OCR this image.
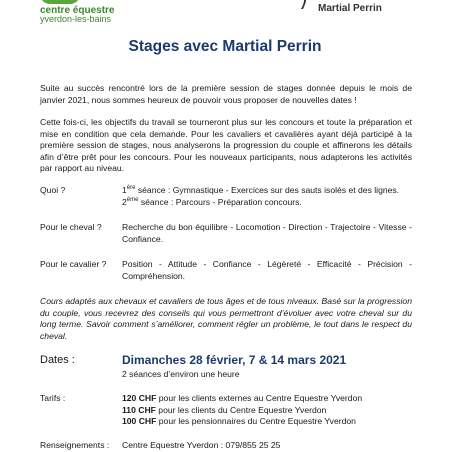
centre équestre
yverdon-les-bains
Martial Perrin
Stages avec Martial Perrin

Suite au succès rencontré lors de la première session de stages donnée depuis le mois de janvier 2021, nous sommes heureux de pouvoir vous proposer de nouvelles dates !

Cette fois-ci, les objectifs du travail se tourneront plus sur les concours et toute la préparation et mise en condition que cela demande. Pour les cavaliers et cavalières ayant déjà participé à la première session de stages, nous analyserons la progression du couple et affinerons les détails afin d’être prêt pour les concours. Pour les nouveaux participants, nous adapterons les activités par rapport au niveau.

Quoi ?	1ère séance : Gymnastique - Exercices sur des sauts isolés et des lignes.
2ème séance : Parcours - Préparation concours.
Pour le cheval ? Recherche du bon équilibre - Locomotion - Direction - Trajectoire - Vitesse - Confiance.
Pour le cavalier ? Position - Attitude - Confiance - Légèreté - Efficacité - Précision - Compréhension.

Cours adaptés aux chevaux et cavaliers de tous âges et de tous niveaux. Basé sur la progression du couple, vous recevrez des conseils qui vous permettront d’évoluer avec votre cheval sur du long terme. Savoir comment s’améliorer, comment régler un problème, le tout dans le respect du cheval.

Dates :	Dimanches 28 février, 7 & 14 mars 2021
2 séances d’environ une heure
Tarifs :	120 CHF pour les clients externes au Centre Equestre Yverdon
110 CHF pour les clients du Centre Equestre Yverdon
100 CHF pour les pensionnaires du Centre Equestre Yverdon
Renseignements : Centre Equestre Yverdon : 079/855 25 25
